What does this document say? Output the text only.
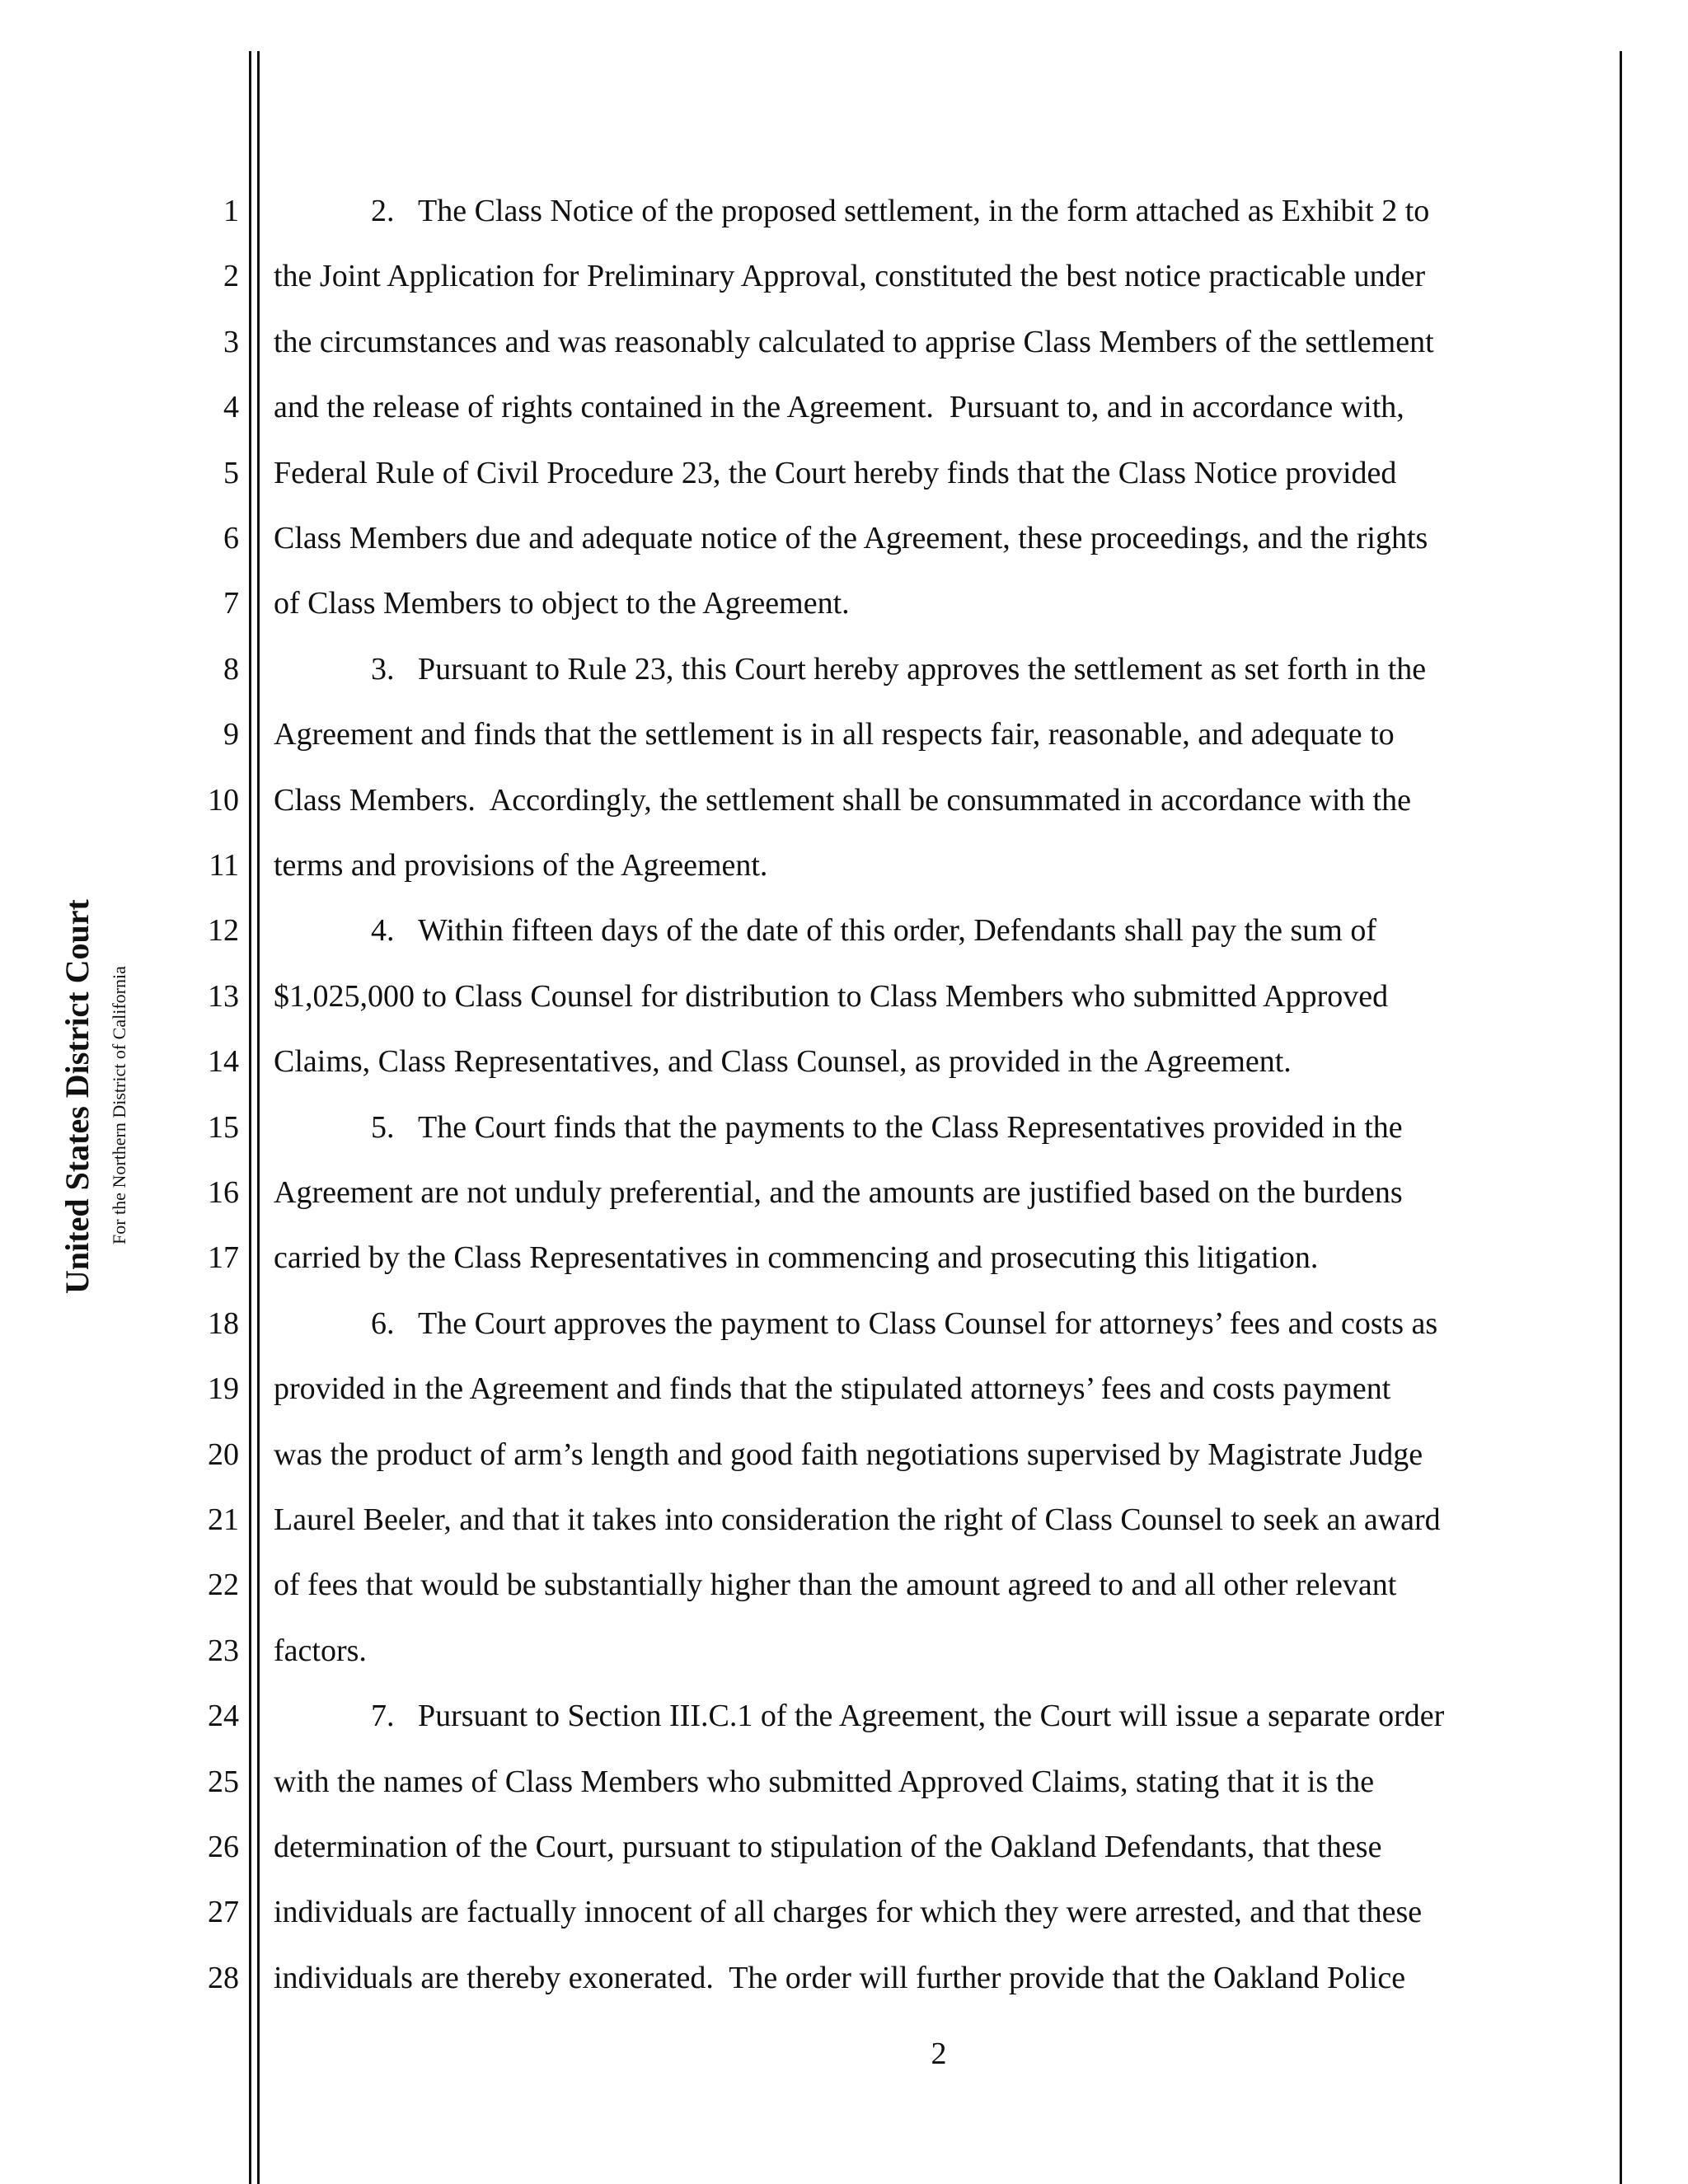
United States District Court For the Northern District of California
1	2.   The Class Notice of the proposed settlement, in the form attached as Exhibit 2 to
2 the Joint Application for Preliminary Approval, constituted the best notice practicable under
3 the circumstances and was reasonably calculated to apprise Class Members of the settlement
4 and the release of rights contained in the Agreement.  Pursuant to, and in accordance with,
5 Federal Rule of Civil Procedure 23, the Court hereby finds that the Class Notice provided
6 Class Members due and adequate notice of the Agreement, these proceedings, and the rights
7 of Class Members to object to the Agreement.
8	3.   Pursuant to Rule 23, this Court hereby approves the settlement as set forth in the
9 Agreement and finds that the settlement is in all respects fair, reasonable, and adequate to
10 Class Members.  Accordingly, the settlement shall be consummated in accordance with the
11 terms and provisions of the Agreement.
12	4.   Within fifteen days of the date of this order, Defendants shall pay the sum of
13 $1,025,000 to Class Counsel for distribution to Class Members who submitted Approved
14 Claims, Class Representatives, and Class Counsel, as provided in the Agreement.
15	5.   The Court finds that the payments to the Class Representatives provided in the
16 Agreement are not unduly preferential, and the amounts are justified based on the burdens
17 carried by the Class Representatives in commencing and prosecuting this litigation.
18	6.   The Court approves the payment to Class Counsel for attorneys’ fees and costs as
19 provided in the Agreement and finds that the stipulated attorneys’ fees and costs payment
20 was the product of arm’s length and good faith negotiations supervised by Magistrate Judge
21 Laurel Beeler, and that it takes into consideration the right of Class Counsel to seek an award
22 of fees that would be substantially higher than the amount agreed to and all other relevant
23 factors.
24	7.   Pursuant to Section III.C.1 of the Agreement, the Court will issue a separate order
25 with the names of Class Members who submitted Approved Claims, stating that it is the
26 determination of the Court, pursuant to stipulation of the Oakland Defendants, that these
27 individuals are factually innocent of all charges for which they were arrested, and that these
28 individuals are thereby exonerated.  The order will further provide that the Oakland Police
2
